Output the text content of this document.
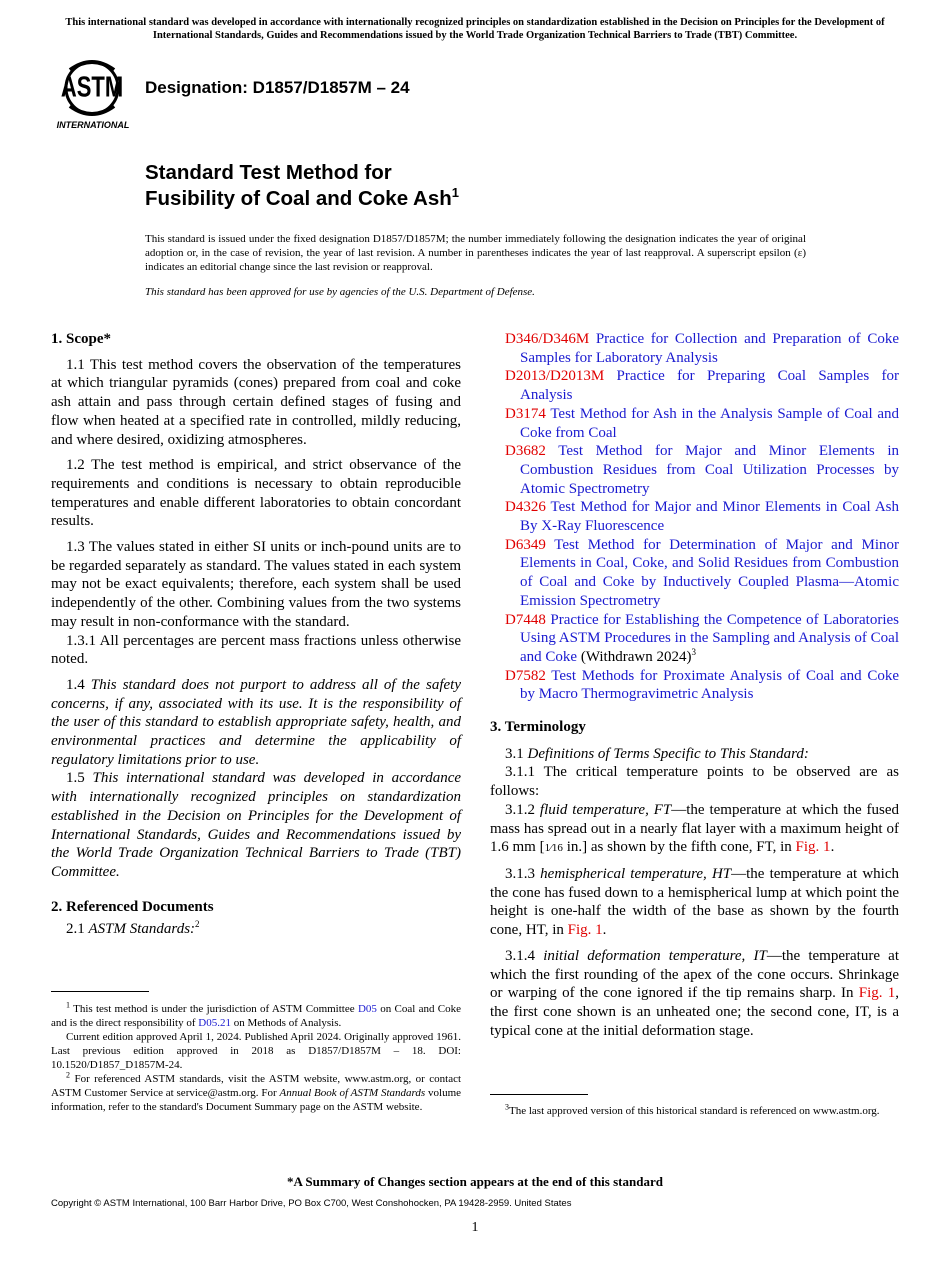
This international standard was developed in accordance with internationally recognized principles on standardization established in the Decision on Principles for the Development of International Standards, Guides and Recommendations issued by the World Trade Organization Technical Barriers to Trade (TBT) Committee.
ASTM
INTERNATIONAL
Designation: D1857/D1857M – 24
Standard Test Method for
Fusibility of Coal and Coke Ash$^1$
This standard is issued under the fixed designation D1857/D1857M; the number immediately following the designation indicates the year of original adoption or, in the case of revision, the year of last revision. A number in parentheses indicates the year of last reapproval. A superscript epsilon (ε) indicates an editorial change since the last revision or reapproval.
This standard has been approved for use by agencies of the U.S. Department of Defense.

1. Scope*

1.1 This test method covers the observation of the temperatures at which triangular pyramids (cones) prepared from coal and coke ash attain and pass through certain defined stages of fusing and flow when heated at a specified rate in controlled, mildly reducing, and where desired, oxidizing atmospheres.

1.2 The test method is empirical, and strict observance of the requirements and conditions is necessary to obtain reproducible temperatures and enable different laboratories to obtain concordant results.

1.3 The values stated in either SI units or inch-pound units are to be regarded separately as standard. The values stated in each system may not be exact equivalents; therefore, each system shall be used independently of the other. Combining values from the two systems may result in non-conformance with the standard.

1.3.1 All percentages are percent mass fractions unless otherwise noted.

1.4 This standard does not purport to address all of the safety concerns, if any, associated with its use. It is the responsibility of the user of this standard to establish appropriate safety, health, and environmental practices and determine the applicability of regulatory limitations prior to use.

1.5 This international standard was developed in accordance with internationally recognized principles on standardization established in the Decision on Principles for the Development of International Standards, Guides and Recommendations issued by the World Trade Organization Technical Barriers to Trade (TBT) Committee.

2. Referenced Documents

2.1 ASTM Standards:$^2$

$^1$ This test method is under the jurisdiction of ASTM Committee D05 on Coal and Coke and is the direct responsibility of D05.21 on Methods of Analysis.

Current edition approved April 1, 2024. Published April 2024. Originally approved 1961. Last previous edition approved in 2018 as D1857/D1857M – 18. DOI: 10.1520/D1857_D1857M-24.

$^2$ For referenced ASTM standards, visit the ASTM website, www.astm.org, or contact ASTM Customer Service at service@astm.org. For Annual Book of ASTM Standards volume information, refer to the standard's Document Summary page on the ASTM website.

D346/D346M Practice for Collection and Preparation of Coke Samples for Laboratory Analysis

D2013/D2013M Practice for Preparing Coal Samples for Analysis

D3174 Test Method for Ash in the Analysis Sample of Coal and Coke from Coal

D3682 Test Method for Major and Minor Elements in Combustion Residues from Coal Utilization Processes by Atomic Spectrometry

D4326 Test Method for Major and Minor Elements in Coal Ash By X-Ray Fluorescence

D6349 Test Method for Determination of Major and Minor Elements in Coal, Coke, and Solid Residues from Combustion of Coal and Coke by Inductively Coupled Plasma—Atomic Emission Spectrometry

D7448 Practice for Establishing the Competence of Laboratories Using ASTM Procedures in the Sampling and Analysis of Coal and Coke (Withdrawn 2024)$^3$

D7582 Test Methods for Proximate Analysis of Coal and Coke by Macro Thermogravimetric Analysis

3. Terminology

3.1 Definitions of Terms Specific to This Standard:

3.1.1 The critical temperature points to be observed are as follows:

3.1.2 fluid temperature, FT—the temperature at which the fused mass has spread out in a nearly flat layer with a maximum height of 1.6 mm [1⁄16 in.] as shown by the fifth cone, FT, in Fig. 1.

3.1.3 hemispherical temperature, HT—the temperature at which the cone has fused down to a hemispherical lump at which point the height is one-half the width of the base as shown by the fourth cone, HT, in Fig. 1.

3.1.4 initial deformation temperature, IT—the temperature at which the first rounding of the apex of the cone occurs. Shrinkage or warping of the cone ignored if the tip remains sharp. In Fig. 1, the first cone shown is an unheated one; the second cone, IT, is a typical cone at the initial deformation stage.

$^3$The last approved version of this historical standard is referenced on www.astm.org.

*A Summary of Changes section appears at the end of this standard
Copyright © ASTM International, 100 Barr Harbor Drive, PO Box C700, West Conshohocken, PA 19428-2959. United States
1
